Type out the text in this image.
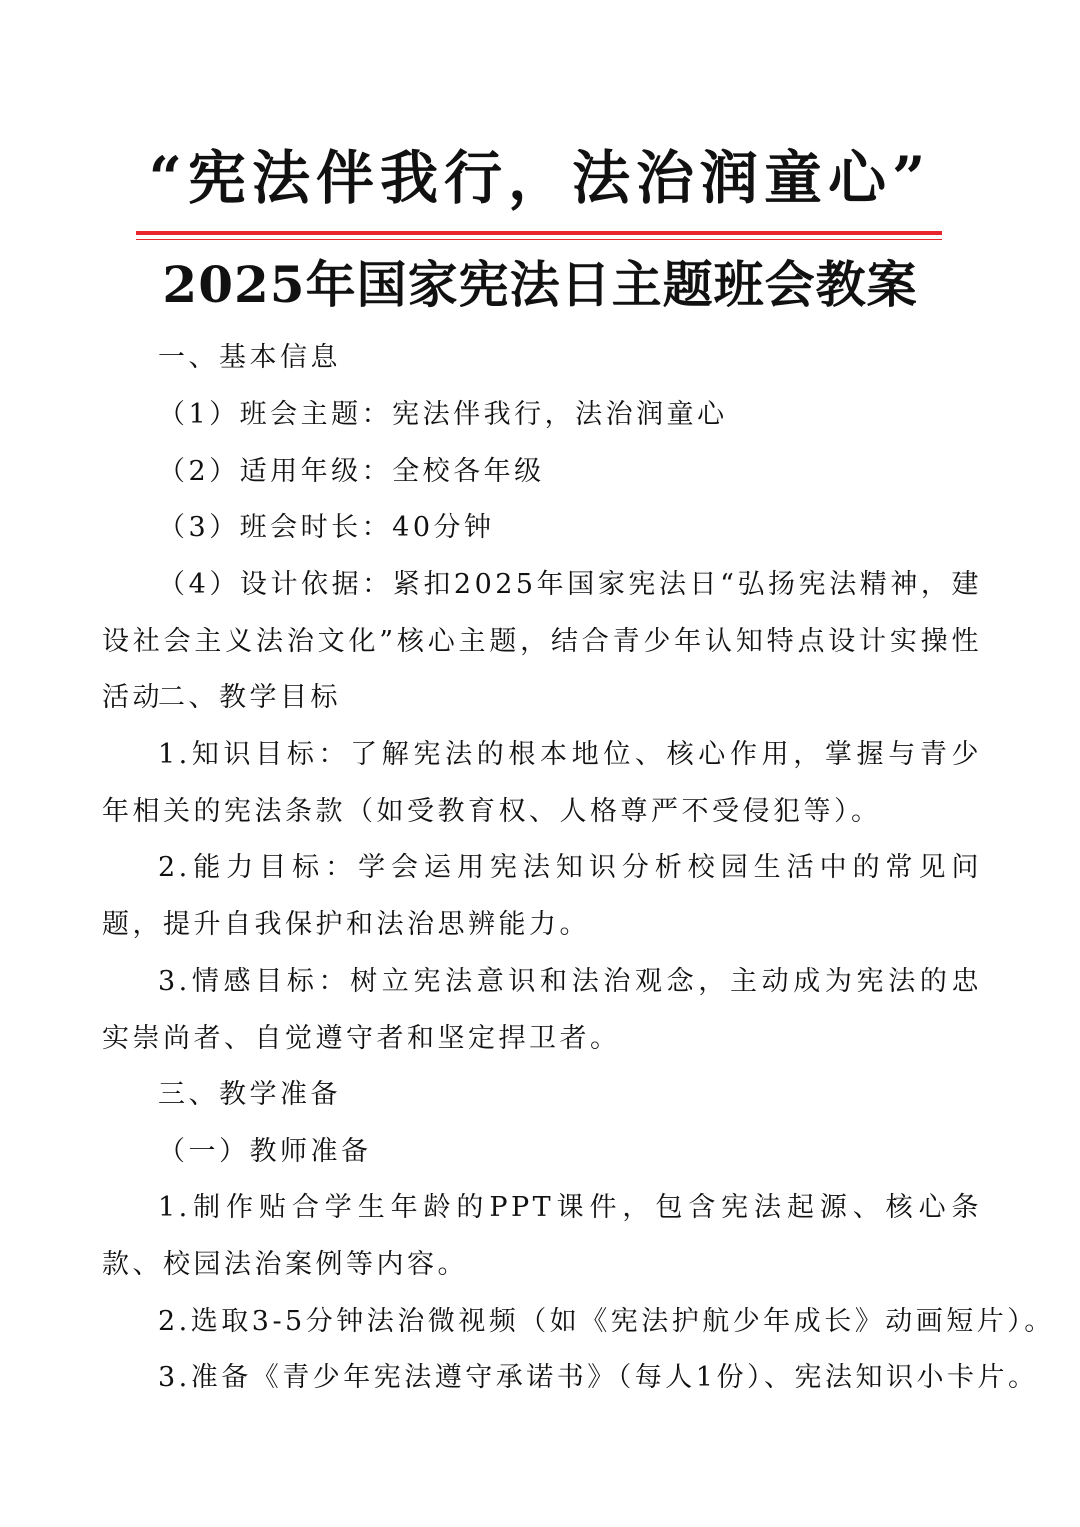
“宪法伴我行，法治润童心”
2025年国家宪法日主题班会教案
一、基本信息
（1）班会主题：宪法伴我行，法治润童心
（2）适用年级：全校各年级
（3）班会时长：40分钟
（4）设计依据：紧扣2025年国家宪法日“弘扬宪法精神，建设社会主义法治文化”核心主题，结合青少年认知特点设计实操性活动
二、教学目标
1.知识目标：了解宪法的根本地位、核心作用，掌握与青少年相关的宪法条款（如受教育权、人格尊严不受侵犯等）。
2.能力目标：学会运用宪法知识分析校园生活中的常见问题，提升自我保护和法治思辨能力。
3.情感目标：树立宪法意识和法治观念，主动成为宪法的忠实崇尚者、自觉遵守者和坚定捍卫者。
三、教学准备
（一）教师准备
1.制作贴合学生年龄的PPT课件，包含宪法起源、核心条款、校园法治案例等内容。
2.选取3-5分钟法治微视频（如《宪法护航少年成长》动画短片）。
3.准备《青少年宪法遵守承诺书》（每人1份）、宪法知识小卡片。
